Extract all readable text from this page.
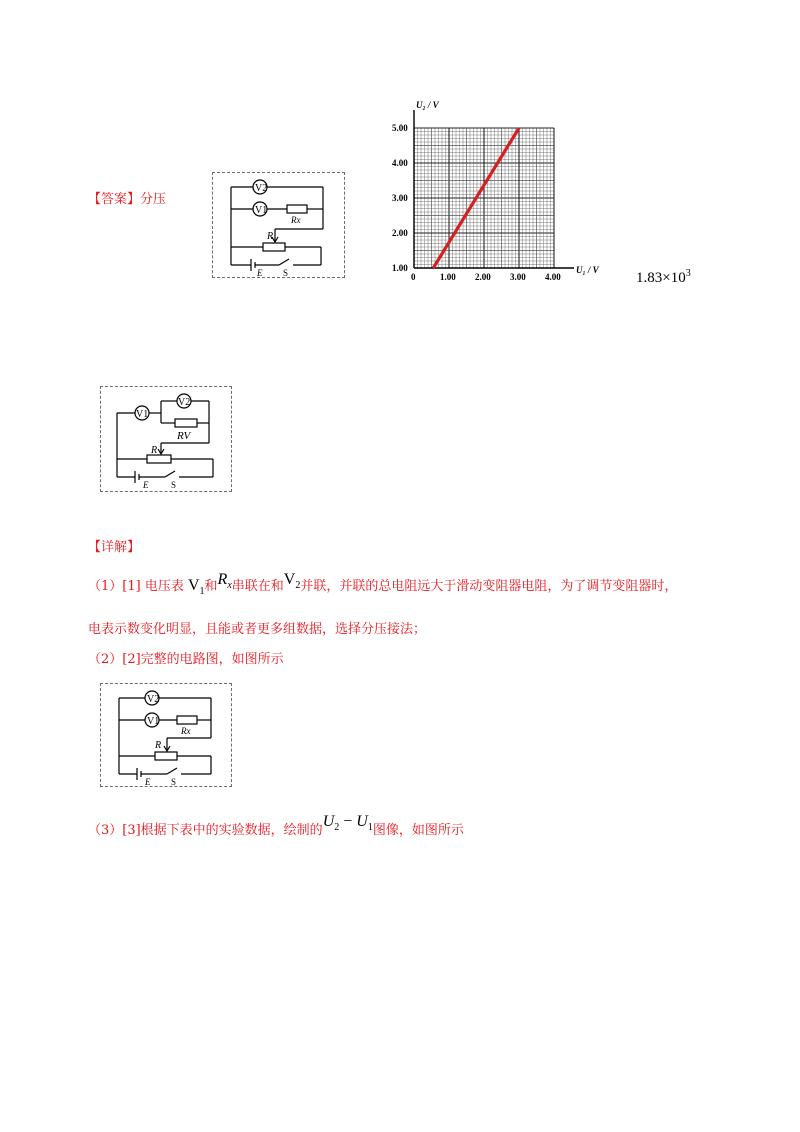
【答案】分压
V2
V1
Rx
R
E S	0	1.00 2.00 3.00 4.00
1.00
2.00
3.00
4.00
5.00
U₁ / V
U₂ / V
$1.83\times 10^3$
V1
V2
RV
R
E	S
【详解】
（1）[1] 电压表 $V_1$和$R_x$串联在和$V_2$并联，并联的总电阻远大于滑动变阻器电阻，为了调节变阻器时，
电表示数变化明显，且能或者更多组数据，选择分压接法；
（2）[2]完整的电路图，如图所示
V2
V1
Rx
R
E S
（3）[3]根据下表中的实验数据，绘制的$U_2 - U_1$图像，如图所示
